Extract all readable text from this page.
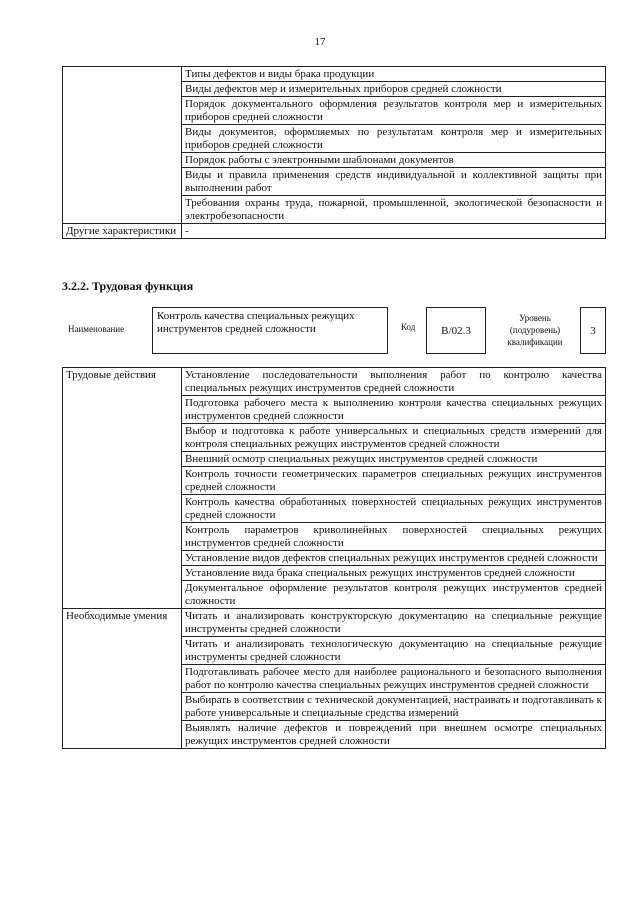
17
	Типы дефектов и виды брака продукции
	Виды дефектов мер и измерительных приборов средней сложности
	Порядок документального оформления результатов контроля мер и измерительных приборов средней сложности
	Виды документов, оформляемых по результатам контроля мер и измерительных приборов средней сложности
	Порядок работы с электронными шаблонами документов
	Виды и правила применения средств индивидуальной и коллективной защиты при выполнении работ
	Требования охраны труда, пожарной, промышленной, экологической безопасности и электробезопасности
Другие характеристики	-
3.2.2. Трудовая функция
Наименование
Контроль качества специальных режущих инструментов средней сложности	Код B/02.3
Уровень (подуровень) квалификации
3
Трудовые действия	Установление последовательности выполнения работ по контролю качества специальных режущих инструментов средней сложности
	Подготовка рабочего места к выполнению контроля качества специальных режущих инструментов средней сложности
	Выбор и подготовка к работе универсальных и специальных средств измерений для контроля специальных режущих инструментов средней сложности
	Внешний осмотр специальных режущих инструментов средней сложности
	Контроль точности геометрических параметров специальных режущих инструментов средней сложности
	Контроль качества обработанных поверхностей специальных режущих инструментов средней сложности
	Контроль параметров криволинейных поверхностей специальных режущих инструментов средней сложности
	Установление видов дефектов специальных режущих инструментов средней сложности
	Установление вида брака специальных режущих инструментов средней сложности
	Документальное оформление результатов контроля режущих инструментов средней сложности
Необходимые умения	Читать и анализировать конструкторскую документацию на специальные режущие инструменты средней сложности
	Читать и анализировать технологическую документацию на специальные режущие инструменты средней сложности
	Подготавливать рабочее место для наиболее рационального и безопасного выполнения работ по контролю качества специальных режущих инструментов средней сложности
	Выбирать в соответствии с технической документацией, настраивать и подготавливать к работе универсальные и специальные средства измерений
	Выявлять наличие дефектов и повреждений при внешнем осмотре специальных режущих инструментов средней сложности
